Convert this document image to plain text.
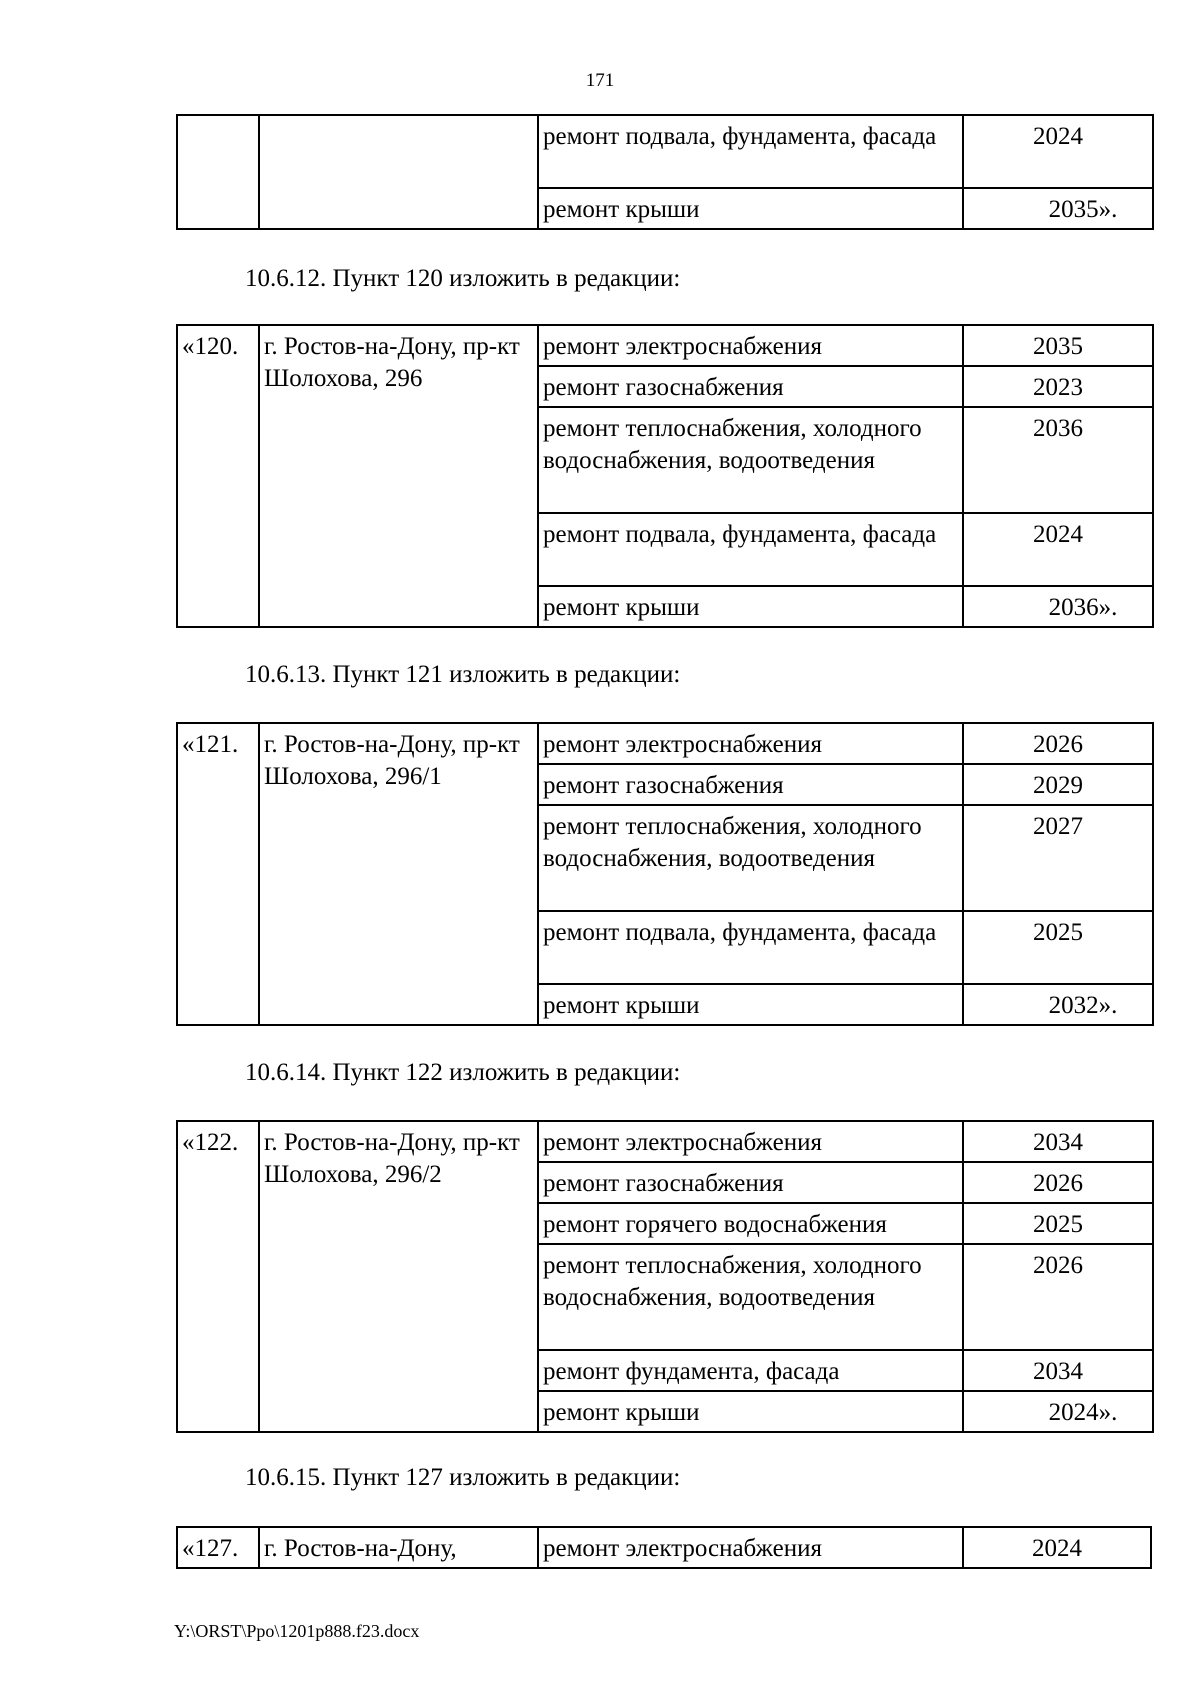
171
		ремонт подвала, фундамента, фасада	2024
		ремонт крыши	2035».
10.6.12. Пункт 120 изложить в редакции:
«120.	г. Ростов-на-Дону, пр-кт Шолохова, 296	ремонт электроснабжения	2035
		ремонт газоснабжения	2023
		ремонт теплоснабжения, холодного водоснабжения, водоотведения	2036
		ремонт подвала, фундамента, фасада	2024
		ремонт крыши	2036».
10.6.13. Пункт 121 изложить в редакции:
«121.	г. Ростов-на-Дону, пр-кт Шолохова, 296/1	ремонт электроснабжения	2026
		ремонт газоснабжения	2029
		ремонт теплоснабжения, холодного водоснабжения, водоотведения	2027
		ремонт подвала, фундамента, фасада	2025
		ремонт крыши	2032».
10.6.14. Пункт 122 изложить в редакции:
«122.	г. Ростов-на-Дону, пр-кт Шолохова, 296/2	ремонт электроснабжения	2034
		ремонт газоснабжения	2026
		ремонт горячего водоснабжения	2025
		ремонт теплоснабжения, холодного водоснабжения, водоотведения	2026
		ремонт фундамента, фасада	2034
		ремонт крыши	2024».
10.6.15. Пункт 127 изложить в редакции:
«127.	г. Ростов-на-Дону,	ремонт электроснабжения	2024
Y:\ORST\Ppo\1201p888.f23.docx
